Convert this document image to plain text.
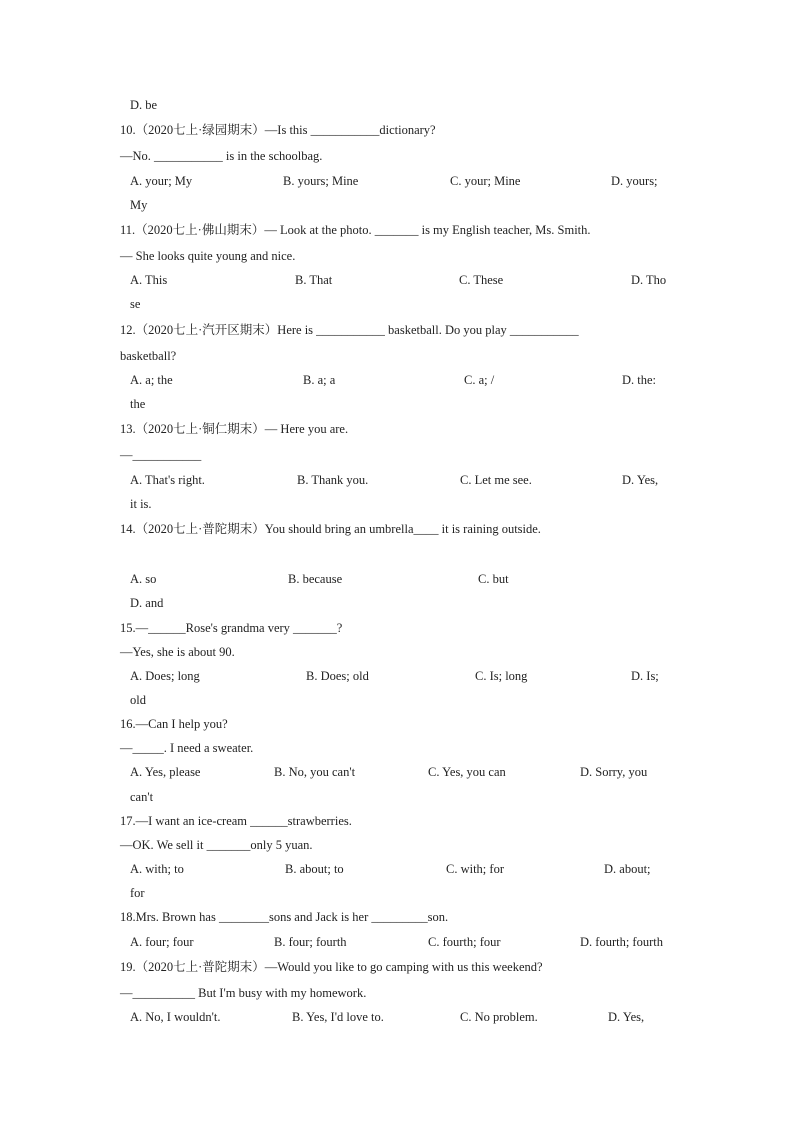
D. be
10.（2020七上·绿园期末）—Is this ___________dictionary?
—No. ___________ is in the schoolbag.
A. your; My	B. yours; Mine	C. your; Mine	D. yours;
My
11.（2020七上·佛山期末）— Look at the photo. _______ is my English teacher, Ms. Smith.
— She looks quite young and nice.
A. This	B. That	C. These	D. Tho
se
12.（2020七上·汽开区期末）Here is ___________ basketball. Do you play ___________
basketball?
A. a; the	B. a; a	C. a; /	D. the:
the
13.（2020七上·铜仁期末）— Here you are.
—___________
A. That's right.	B. Thank you.	C. Let me see.	D. Yes,
it is.
14.（2020七上·普陀期末）You should bring an umbrella____ it is raining outside.
A. so	B. because	C. but
D. and
15.—______Rose's grandma very _______?
—Yes, she is about 90.
A. Does; long	B. Does; old	C. Is; long	D. Is;
old
16.—Can I help you?
—_____. I need a sweater.
A. Yes, please	B. No, you can't	C. Yes, you can	D. Sorry, you
can't
17.—I want an ice-cream ______strawberries.
—OK. We sell it _______only 5 yuan.
A. with; to	B. about; to	C. with; for	D. about;
for
18.Mrs. Brown has ________sons and Jack is her _________son.
A. four; four	B. four; fourth	C. fourth; four	D. fourth; fourth
19.（2020七上·普陀期末）—Would you like to go camping with us this weekend?
—__________ But I'm busy with my homework.
A. No, I wouldn't.	B. Yes, I'd love to.	C. No problem.	D. Yes,
